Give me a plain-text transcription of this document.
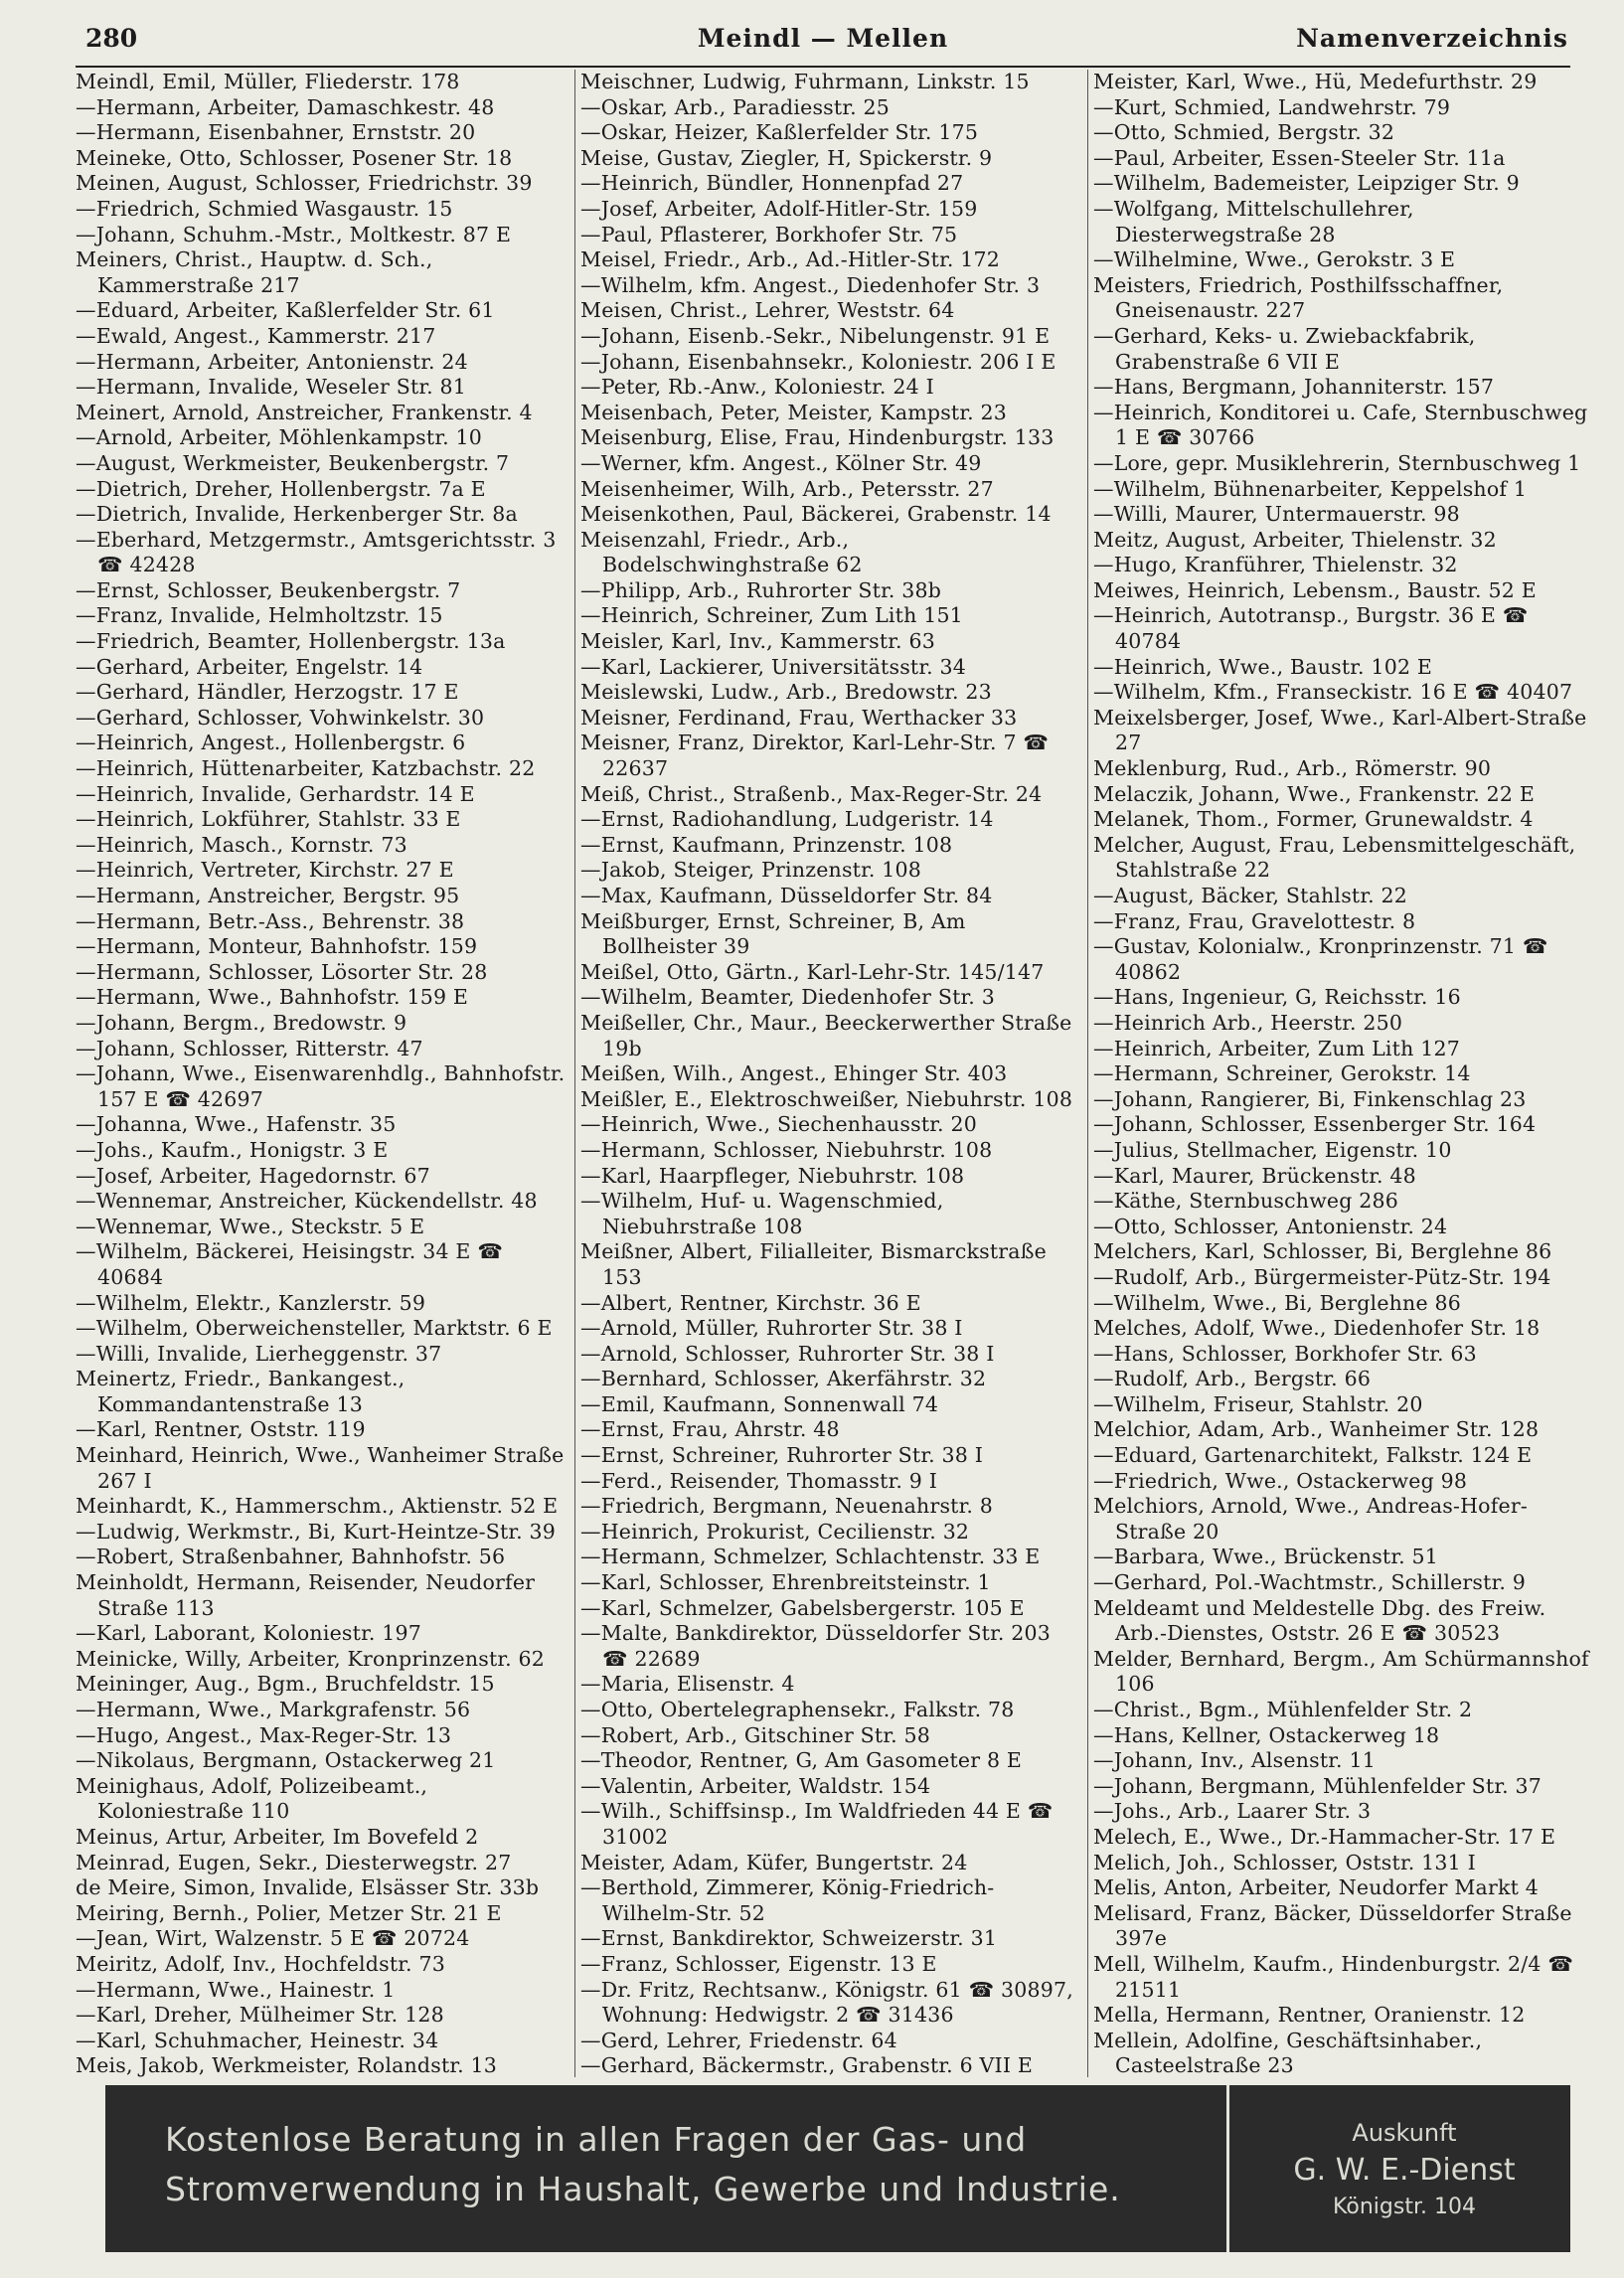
280	Meindl — Mellen	Namenverzeichnis
Meindl, Emil, Müller, Fliederstr. 178
—Hermann, Arbeiter, Damaschkestr. 48
—Hermann, Eisenbahner, Ernststr. 20
Meineke, Otto, Schlosser, Posener Str. 18
Meinen, August, Schlosser, Friedrichstr. 39
—Friedrich, Schmied Wasgaustr. 15
—Johann, Schuhm.-Mstr., Moltkestr. 87 E
Meiners, Christ., Hauptw. d. Sch., Kammerstraße 217
—Eduard, Arbeiter, Kaßlerfelder Str. 61
—Ewald, Angest., Kammerstr. 217
—Hermann, Arbeiter, Antonienstr. 24
—Hermann, Invalide, Weseler Str. 81
Meinert, Arnold, Anstreicher, Frankenstr. 4
—Arnold, Arbeiter, Möhlenkampstr. 10
—August, Werkmeister, Beukenbergstr. 7
—Dietrich, Dreher, Hollenbergstr. 7a E
—Dietrich, Invalide, Herkenberger Str. 8a
—Eberhard, Metzgermstr., Amtsgerichtsstr. 3 ☎ 42428
—Ernst, Schlosser, Beukenbergstr. 7
—Franz, Invalide, Helmholtzstr. 15
—Friedrich, Beamter, Hollenbergstr. 13a
—Gerhard, Arbeiter, Engelstr. 14
—Gerhard, Händler, Herzogstr. 17 E
—Gerhard, Schlosser, Vohwinkelstr. 30
—Heinrich, Angest., Hollenbergstr. 6
—Heinrich, Hüttenarbeiter, Katzbachstr. 22
—Heinrich, Invalide, Gerhardstr. 14 E
—Heinrich, Lokführer, Stahlstr. 33 E
—Heinrich, Masch., Kornstr. 73
—Heinrich, Vertreter, Kirchstr. 27 E
—Hermann, Anstreicher, Bergstr. 95
—Hermann, Betr.-Ass., Behrenstr. 38
—Hermann, Monteur, Bahnhofstr. 159
—Hermann, Schlosser, Lösorter Str. 28
—Hermann, Wwe., Bahnhofstr. 159 E
—Johann, Bergm., Bredowstr. 9
—Johann, Schlosser, Ritterstr. 47
—Johann, Wwe., Eisenwarenhdlg., Bahnhofstr. 157 E ☎ 42697
—Johanna, Wwe., Hafenstr. 35
—Johs., Kaufm., Honigstr. 3 E
—Josef, Arbeiter, Hagedornstr. 67
—Wennemar, Anstreicher, Kückendellstr. 48
—Wennemar, Wwe., Steckstr. 5 E
—Wilhelm, Bäckerei, Heisingstr. 34 E ☎ 40684
—Wilhelm, Elektr., Kanzlerstr. 59
—Wilhelm, Oberweichensteller, Marktstr. 6 E
—Willi, Invalide, Lierheggenstr. 37
Meinertz, Friedr., Bankangest., Kommandantenstraße 13
—Karl, Rentner, Oststr. 119
Meinhard, Heinrich, Wwe., Wanheimer Straße 267 I
Meinhardt, K., Hammerschm., Aktienstr. 52 E
—Ludwig, Werkmstr., Bi, Kurt-Heintze-Str. 39
—Robert, Straßenbahner, Bahnhofstr. 56
Meinholdt, Hermann, Reisender, Neudorfer Straße 113
—Karl, Laborant, Koloniestr. 197
Meinicke, Willy, Arbeiter, Kronprinzenstr. 62
Meininger, Aug., Bgm., Bruchfeldstr. 15
—Hermann, Wwe., Markgrafenstr. 56
—Hugo, Angest., Max-Reger-Str. 13
—Nikolaus, Bergmann, Ostackerweg 21
Meinighaus, Adolf, Polizeibeamt., Koloniestraße 110
Meinus, Artur, Arbeiter, Im Bovefeld 2
Meinrad, Eugen, Sekr., Diesterwegstr. 27
de Meire, Simon, Invalide, Elsässer Str. 33b
Meiring, Bernh., Polier, Metzer Str. 21 E
—Jean, Wirt, Walzenstr. 5 E ☎ 20724
Meiritz, Adolf, Inv., Hochfeldstr. 73
—Hermann, Wwe., Hainestr. 1
—Karl, Dreher, Mülheimer Str. 128
—Karl, Schuhmacher, Heinestr. 34
Meis, Jakob, Werkmeister, Rolandstr. 13
Meischner, Ludwig, Fuhrmann, Linkstr. 15
—Oskar, Arb., Paradiesstr. 25
—Oskar, Heizer, Kaßlerfelder Str. 175
Meise, Gustav, Ziegler, H, Spickerstr. 9
—Heinrich, Bündler, Honnenpfad 27
—Josef, Arbeiter, Adolf-Hitler-Str. 159
—Paul, Pflasterer, Borkhofer Str. 75
Meisel, Friedr., Arb., Ad.-Hitler-Str. 172
—Wilhelm, kfm. Angest., Diedenhofer Str. 3
Meisen, Christ., Lehrer, Weststr. 64
—Johann, Eisenb.-Sekr., Nibelungenstr. 91 E
—Johann, Eisenbahnsekr., Koloniestr. 206 I E
—Peter, Rb.-Anw., Koloniestr. 24 I
Meisenbach, Peter, Meister, Kampstr. 23
Meisenburg, Elise, Frau, Hindenburgstr. 133
—Werner, kfm. Angest., Kölner Str. 49
Meisenheimer, Wilh, Arb., Petersstr. 27
Meisenkothen, Paul, Bäckerei, Grabenstr. 14
Meisenzahl, Friedr., Arb., Bodelschwinghstraße 62
—Philipp, Arb., Ruhrorter Str. 38b
—Heinrich, Schreiner, Zum Lith 151
Meisler, Karl, Inv., Kammerstr. 63
—Karl, Lackierer, Universitätsstr. 34
Meislewski, Ludw., Arb., Bredowstr. 23
Meisner, Ferdinand, Frau, Werthacker 33
Meisner, Franz, Direktor, Karl-Lehr-Str. 7 ☎ 22637
Meiß, Christ., Straßenb., Max-Reger-Str. 24
—Ernst, Radiohandlung, Ludgeristr. 14
—Ernst, Kaufmann, Prinzenstr. 108
—Jakob, Steiger, Prinzenstr. 108
—Max, Kaufmann, Düsseldorfer Str. 84
Meißburger, Ernst, Schreiner, B, Am Bollheister 39
Meißel, Otto, Gärtn., Karl-Lehr-Str. 145/147
—Wilhelm, Beamter, Diedenhofer Str. 3
Meißeller, Chr., Maur., Beeckerwerther Straße 19b
Meißen, Wilh., Angest., Ehinger Str. 403
Meißler, E., Elektroschweißer, Niebuhrstr. 108
—Heinrich, Wwe., Siechenhausstr. 20
—Hermann, Schlosser, Niebuhrstr. 108
—Karl, Haarpfleger, Niebuhrstr. 108
—Wilhelm, Huf- u. Wagenschmied, Niebuhrstraße 108
Meißner, Albert, Filialleiter, Bismarckstraße 153
—Albert, Rentner, Kirchstr. 36 E
—Arnold, Müller, Ruhrorter Str. 38 I
—Arnold, Schlosser, Ruhrorter Str. 38 I
—Bernhard, Schlosser, Akerfährstr. 32
—Emil, Kaufmann, Sonnenwall 74
—Ernst, Frau, Ahrstr. 48
—Ernst, Schreiner, Ruhrorter Str. 38 I
—Ferd., Reisender, Thomasstr. 9 I
—Friedrich, Bergmann, Neuenahrstr. 8
—Heinrich, Prokurist, Cecilienstr. 32
—Hermann, Schmelzer, Schlachtenstr. 33 E
—Karl, Schlosser, Ehrenbreitsteinstr. 1
—Karl, Schmelzer, Gabelsbergerstr. 105 E
—Malte, Bankdirektor, Düsseldorfer Str. 203 ☎ 22689
—Maria, Elisenstr. 4
—Otto, Obertelegraphensekr., Falkstr. 78
—Robert, Arb., Gitschiner Str. 58
—Theodor, Rentner, G, Am Gasometer 8 E
—Valentin, Arbeiter, Waldstr. 154
—Wilh., Schiffsinsp., Im Waldfrieden 44 E ☎ 31002
Meister, Adam, Küfer, Bungertstr. 24
—Berthold, Zimmerer, König-Friedrich-Wilhelm-Str. 52
—Ernst, Bankdirektor, Schweizerstr. 31
—Franz, Schlosser, Eigenstr. 13 E
—Dr. Fritz, Rechtsanw., Königstr. 61 ☎ 30897, Wohnung: Hedwigstr. 2 ☎ 31436
—Gerd, Lehrer, Friedenstr. 64
—Gerhard, Bäckermstr., Grabenstr. 6 VII E
Meister, Karl, Wwe., Hü, Medefurthstr. 29
—Kurt, Schmied, Landwehrstr. 79
—Otto, Schmied, Bergstr. 32
—Paul, Arbeiter, Essen-Steeler Str. 11a
—Wilhelm, Bademeister, Leipziger Str. 9
—Wolfgang, Mittelschullehrer, Diesterwegstraße 28
—Wilhelmine, Wwe., Gerokstr. 3 E
Meisters, Friedrich, Posthilfsschaffner, Gneisenaustr. 227
—Gerhard, Keks- u. Zwiebackfabrik, Grabenstraße 6 VII E
—Hans, Bergmann, Johanniterstr. 157
—Heinrich, Konditorei u. Cafe, Sternbuschweg 1 E ☎ 30766
—Lore, gepr. Musiklehrerin, Sternbuschweg 1
—Wilhelm, Bühnenarbeiter, Keppelshof 1
—Willi, Maurer, Untermauerstr. 98
Meitz, August, Arbeiter, Thielenstr. 32
—Hugo, Kranführer, Thielenstr. 32
Meiwes, Heinrich, Lebensm., Baustr. 52 E
—Heinrich, Autotransp., Burgstr. 36 E ☎ 40784
—Heinrich, Wwe., Baustr. 102 E
—Wilhelm, Kfm., Franseckistr. 16 E ☎ 40407
Meixelsberger, Josef, Wwe., Karl-Albert-Straße 27
Meklenburg, Rud., Arb., Römerstr. 90
Melaczik, Johann, Wwe., Frankenstr. 22 E
Melanek, Thom., Former, Grunewaldstr. 4
Melcher, August, Frau, Lebensmittelgeschäft, Stahlstraße 22
—August, Bäcker, Stahlstr. 22
—Franz, Frau, Gravelottestr. 8
—Gustav, Kolonialw., Kronprinzenstr. 71 ☎ 40862
—Hans, Ingenieur, G, Reichsstr. 16
—Heinrich Arb., Heerstr. 250
—Heinrich, Arbeiter, Zum Lith 127
—Hermann, Schreiner, Gerokstr. 14
—Johann, Rangierer, Bi, Finkenschlag 23
—Johann, Schlosser, Essenberger Str. 164
—Julius, Stellmacher, Eigenstr. 10
—Karl, Maurer, Brückenstr. 48
—Käthe, Sternbuschweg 286
—Otto, Schlosser, Antonienstr. 24
Melchers, Karl, Schlosser, Bi, Berglehne 86
—Rudolf, Arb., Bürgermeister-Pütz-Str. 194
—Wilhelm, Wwe., Bi, Berglehne 86
Melches, Adolf, Wwe., Diedenhofer Str. 18
—Hans, Schlosser, Borkhofer Str. 63
—Rudolf, Arb., Bergstr. 66
—Wilhelm, Friseur, Stahlstr. 20
Melchior, Adam, Arb., Wanheimer Str. 128
—Eduard, Gartenarchitekt, Falkstr. 124 E
—Friedrich, Wwe., Ostackerweg 98
Melchiors, Arnold, Wwe., Andreas-Hofer-Straße 20
—Barbara, Wwe., Brückenstr. 51
—Gerhard, Pol.-Wachtmstr., Schillerstr. 9
Meldeamt und Meldestelle Dbg. des Freiw. Arb.-Dienstes, Oststr. 26 E ☎ 30523
Melder, Bernhard, Bergm., Am Schürmannshof 106
—Christ., Bgm., Mühlenfelder Str. 2
—Hans, Kellner, Ostackerweg 18
—Johann, Inv., Alsenstr. 11
—Johann, Bergmann, Mühlenfelder Str. 37
—Johs., Arb., Laarer Str. 3
Melech, E., Wwe., Dr.-Hammacher-Str. 17 E
Melich, Joh., Schlosser, Oststr. 131 I
Melis, Anton, Arbeiter, Neudorfer Markt 4
Melisard, Franz, Bäcker, Düsseldorfer Straße 397e
Mell, Wilhelm, Kaufm., Hindenburgstr. 2/4 ☎ 21511
Mella, Hermann, Rentner, Oranienstr. 12
Mellein, Adolfine, Geschäftsinhaber., Casteelstraße 23
Kostenlose Beratung in allen Fragen der Gas- und
Stromverwendung in Haushalt, Gewerbe und Industrie.
Auskunft
G. W. E.-Dienst
Königstr. 104
